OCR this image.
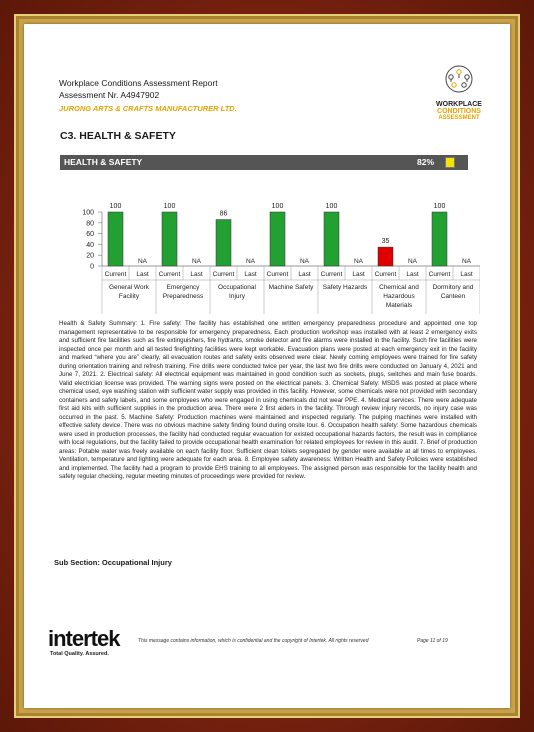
Workplace Conditions Assessment Report
Assessment Nr. A4947902
JURONG ARTS & CRAFTS MANUFACTURER LTD.	WORKPLACE
CONDITIONS
ASSESSMENT
C3. HEALTH & SAFETY
HEALTH & SAFETY	82%
100
80
60
40
20
0
100
NA
Current Last
General Work
Facility
100
NA
Current Last
Emergency
Preparedness
86
NA
Current Last
Occupational
Injury
100
NA
Current Last
Machine Safety
100
NA
Current Last
Safety Hazards
35
NA
Current Last
Chemical and
Hazardous
Materials
100
NA
Current Last
Dormitory and
Canteen
Health & Safety Summary: 1. Fire safety: The facility has established one written emergency preparedness procedure and appointed one top management representative to be responsible for emergency preparedness. Each production workshop was installed with at least 2 emergency exits and sufficient fire facilities such as fire extinguishers, fire hydrants, smoke detector and fire alarms were installed in the facility. Such fire facilities were inspected once per month and all tested firefighting facilities were kept workable. Evacuation plans were posted at each emergency exit in the facility and marked “where you are” clearly, all evacuation routes and safety exits observed were clear. Newly coming employees were trained for fire safety during orientation training and refresh training. Fire drills were conducted twice per year, the last two fire drills were conducted on January 4, 2021 and June 7, 2021. 2. Electrical safety: All electrical equipment was maintained in good condition such as sockets, plugs, switches and main fuse boards. Valid electrician license was provided. The warning signs were posted on the electrical panels. 3. Chemical Safety: MSDS was posted at place where chemical used, eye washing station with sufficient water supply was provided in this facility. However, some chemicals were not provided with secondary containers and safety labels, and some employees who were engaged in using chemicals did not wear PPE. 4. Medical services: There were adequate first aid kits with sufficient supplies in the production area. There were 2 first aiders in the facility. Through review injury records, no injury case was occurred in the past. 5. Machine Safety: Production machines were maintained and inspected regularly. The pulping machines were installed with effective safety device. There was no obvious machine safety finding found during onsite tour. 6. Occupation health safety: Some hazardous chemicals were used in production processes, the facility had conducted regular evacuation for existed occupational hazards factors, the result was in compliance with local regulations, but the facility failed to provide occupational health examination for related employees for review in this audit. 7. Brief of production areas: Potable water was freely available on each facility floor. Sufficient clean toilets segregated by gender were available at all times to employees. Ventilation, temperature and lighting were adequate for each area. 8. Employee safety awareness: Written Health and Safety Policies were established and implemented. The facility had a program to provide EHS training to all employees. The assigned person was responsible for the facility health and safety regular checking, regular meeting minutes of proceedings were provided for review.
Sub Section: Occupational Injury
intertek
Total Quality. Assured.
This message contains information, which is confidential and the copyright of Intertek. All rights reserved	Page 11 of 19
